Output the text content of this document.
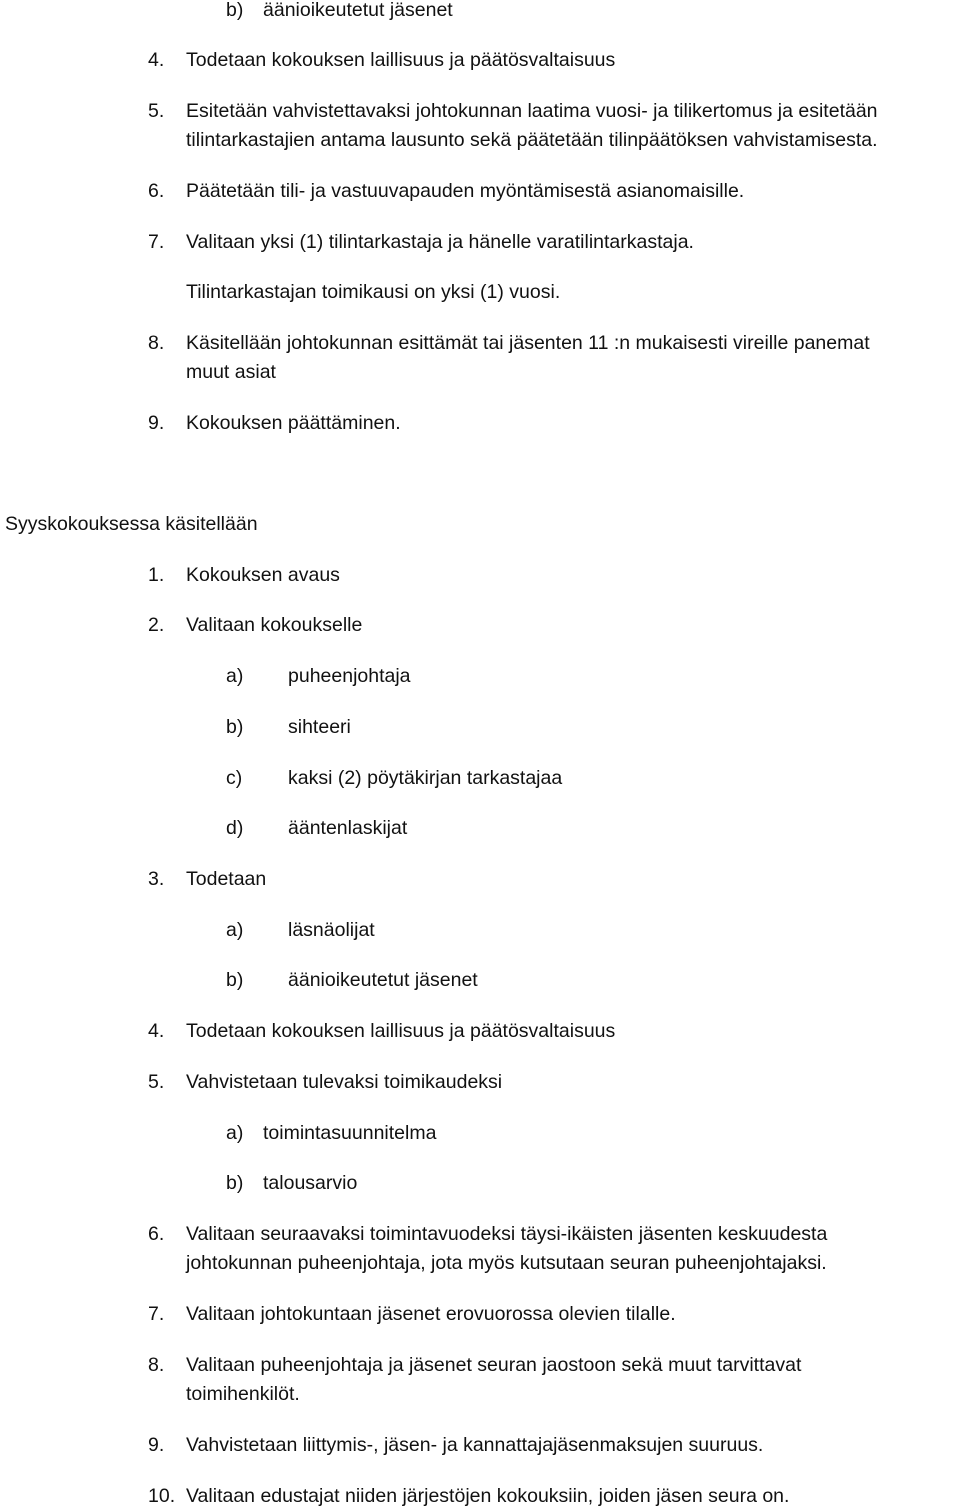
b) äänioikeutetut jäsenet
4. Todetaan kokouksen laillisuus ja päätösvaltaisuus
5. Esitetään vahvistettavaksi johtokunnan laatima vuosi- ja tilikertomus ja esitetään
tilintarkastajien antama lausunto sekä päätetään tilinpäätöksen vahvistamisesta.
6. Päätetään tili- ja vastuuvapauden myöntämisestä asianomaisille.
7. Valitaan yksi (1) tilintarkastaja ja hänelle varatilintarkastaja.
Tilintarkastajan toimikausi on yksi (1) vuosi.
8. Käsitellään johtokunnan esittämät tai jäsenten 11 :n mukaisesti vireille panemat
muut asiat
9. Kokouksen päättäminen.
Syyskokouksessa käsitellään
1. Kokouksen avaus
2. Valitaan kokoukselle
a) puheenjohtaja
b) sihteeri
c) kaksi (2) pöytäkirjan tarkastajaa
d) ääntenlaskijat
3. Todetaan
a) läsnäolijat
b) äänioikeutetut jäsenet
4. Todetaan kokouksen laillisuus ja päätösvaltaisuus
5. Vahvistetaan tulevaksi toimikaudeksi
a) toimintasuunnitelma
b) talousarvio
6. Valitaan seuraavaksi toimintavuodeksi täysi-ikäisten jäsenten keskuudesta
johtokunnan puheenjohtaja, jota myös kutsutaan seuran puheenjohtajaksi.
7. Valitaan johtokuntaan jäsenet erovuorossa olevien tilalle.
8. Valitaan puheenjohtaja ja jäsenet seuran jaostoon sekä muut tarvittavat
toimihenkilöt.
9. Vahvistetaan liittymis-, jäsen- ja kannattajajäsenmaksujen suuruus.
10. Valitaan edustajat niiden järjestöjen kokouksiin, joiden jäsen seura on.
